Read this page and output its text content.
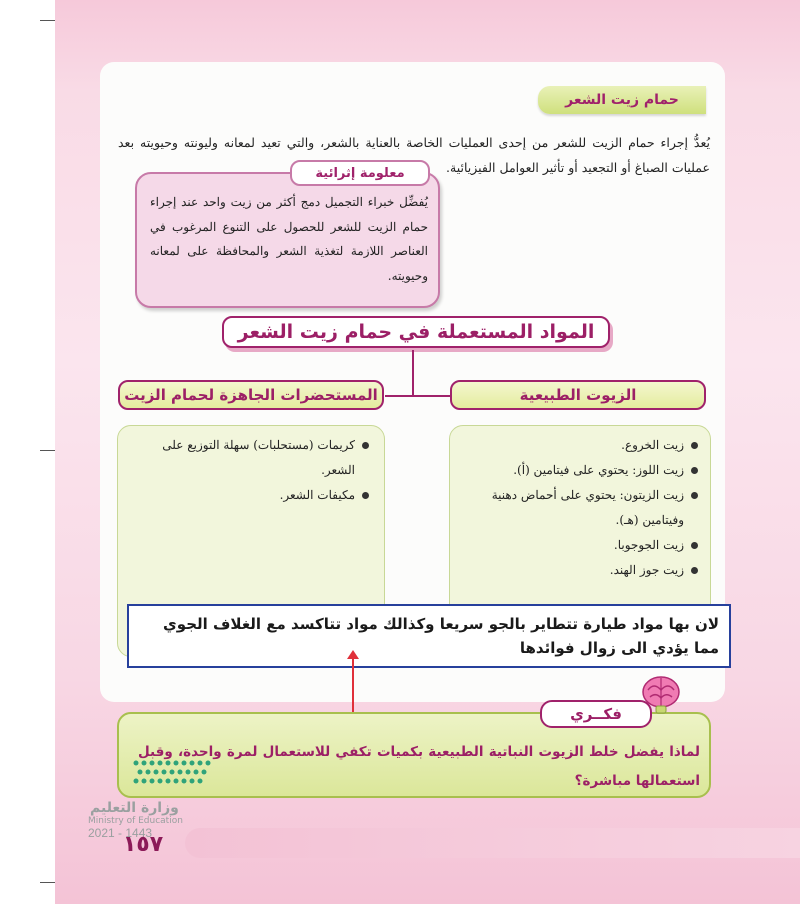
حمام زيت الشعر

يُعدُّ إجراء حمام الزيت للشعر من إحدى العمليات الخاصة بالعناية بالشعر، والتي تعيد لمعانه وليونته وحيويته بعد عمليات الصباغ أو التجعيد أو تأثير العوامل الفيزيائية.

معلومة إثرائية

يُفضِّل خبراء التجميل دمج أكثر من زيت واحد عند إجراء حمام الزيت للشعر للحصول على التنوع المرغوب في العناصر اللازمة لتغذية الشعر والمحافظة على لمعانه وحيويته.

المواد المستعملة في حمام زيت الشعر
الزيوت الطبيعية
المستحضرات الجاهزة لحمام الزيت
زيت الخروع.
زيت اللوز: يحتوي على فيتامين (أ).
زيت الزيتون: يحتوي على أحماض دهنية وفيتامين (هـ).
زيت الجوجوبا.
زيت جوز الهند.
كريمات (مستحلبات) سهلة التوزيع على الشعر.
مكيفات الشعر.
لان بها مواد طيارة تتطاير بالجو سريعا وكذالك مواد تتاكسد مع الغلاف الجوي مما يؤدي الى زوال فوائدها
فكــري

لماذا يفضل خلط الزيوت النباتية الطبيعية بكميات تكفي للاستعمال لمرة واحدة، وقبل استعمالها مباشرة؟

وزارة التعليم
Ministry of Education
2021 - 1443
١٥٧
